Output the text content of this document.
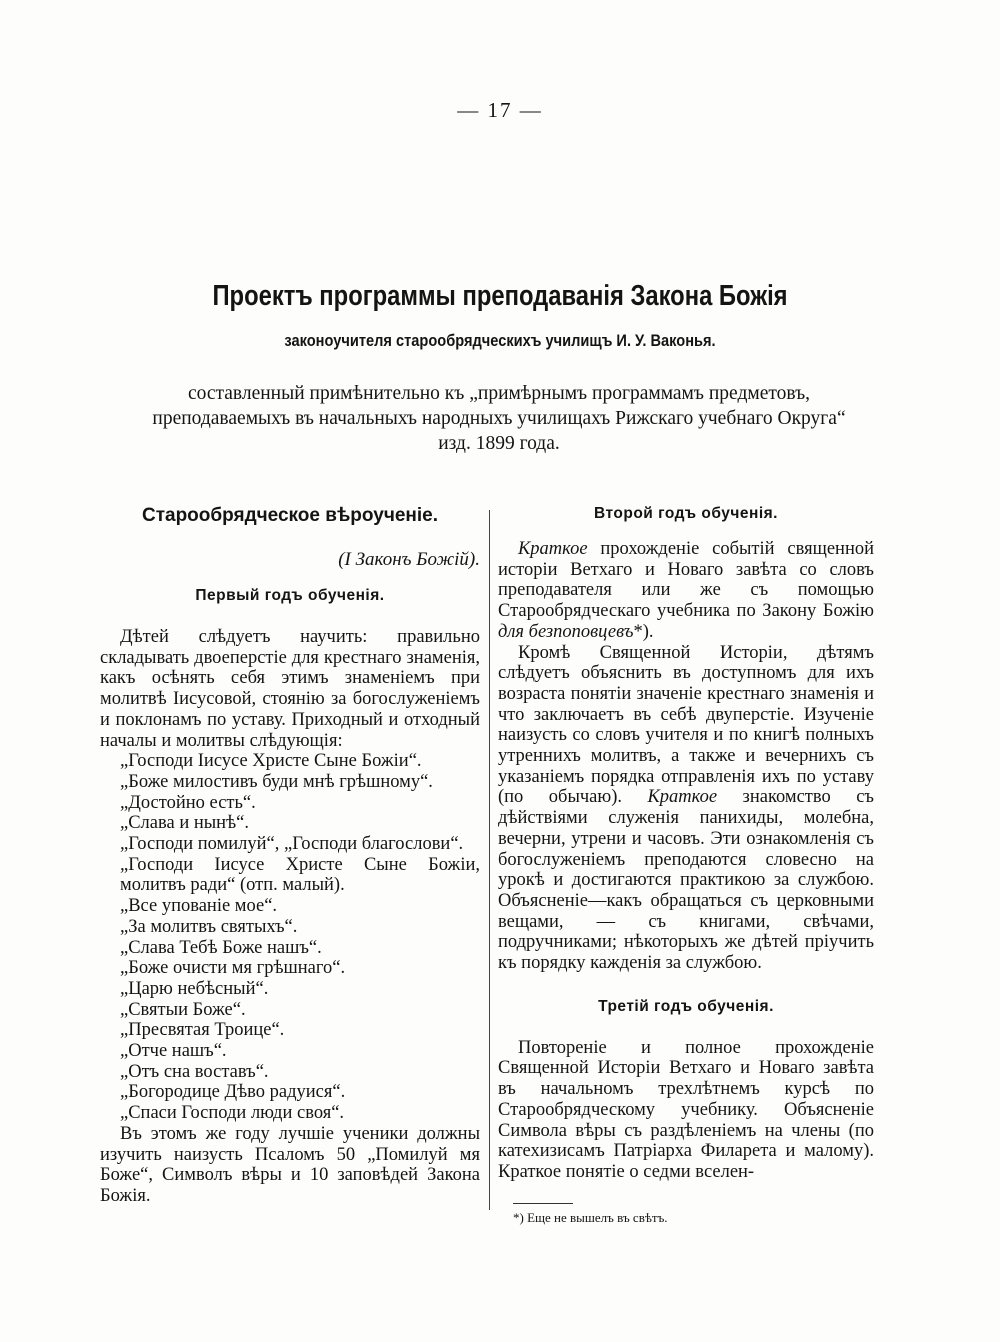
— 17 —
Проектъ программы преподаванія Закона Божія
законоучителя старообрядческихъ училищъ И. У. Ваконья.
составленный примѣнительно къ „примѣрнымъ программамъ предметовъ, преподаваемыхъ въ начальныхъ народныхъ училищахъ Рижскаго учебнаго Округа“ изд. 1899 года.
Старообрядческое вѣроученіе.
(I Законъ Божій).
Первый годъ обученія.

Дѣтей слѣдуетъ научить: правильно складывать двоеперстіе для крестнаго знаменія, какъ осѣнять себя этимъ знаменіемъ при молитвѣ Іисусовой, стоянію за богослуженіемъ и поклонамъ по уставу. Приходный и отходный началы и молитвы слѣдующія:

„Господи Іисусе Христе Сыне Божіи“.
„Боже милостивъ буди мнѣ грѣшному“.
„Достойно есть“.
„Слава и нынѣ“.
„Господи помилуй“, „Господи благослови“.
„Господи Іисусе Христе Сыне Божіи, молитвъ ради“ (отп. малый).
„Все упованіе мое“.
„За молитвъ святыхъ“.
„Слава Тебѣ Боже нашъ“.
„Боже очисти мя грѣшнаго“.
„Царю небѣсный“.
„Святыи Боже“.
„Пресвятая Троице“.
„Отче нашъ“.
„Отъ сна воставъ“.
„Богородице Дѣво радуися“.
„Спаси Господи люди своя“.

Въ этомъ же году лучшіе ученики должны изучить наизусть Псаломъ 50 „Помилуй мя Боже“, Символъ вѣры и 10 заповѣдей Закона Божія.

Второй годъ обученія.

Краткое прохожденіе событій священной исторіи Ветхаго и Новаго завѣта со словъ преподавателя или же съ помощью Старообрядческаго учебника по Закону Божію для безпоповцевъ*).

Кромѣ Священной Исторіи, дѣтямъ слѣдуетъ объяснить въ доступномъ для ихъ возраста понятіи значеніе крестнаго знаменія и что заключаетъ въ себѣ двуперстіе. Изученіе наизусть со словъ учителя и по книгѣ полныхъ утреннихъ молитвъ, а также и вечернихъ съ указаніемъ порядка отправленія ихъ по уставу (по обычаю). Краткое знакомство съ дѣйствіями служенія панихиды, молебна, вечерни, утрени и часовъ. Эти ознакомленія съ богослуженіемъ преподаются словесно на урокѣ и достигаются практикою за службою. Объясненіе—какъ обращаться съ церковными вещами, — съ книгами, свѣчами, подручниками; нѣкоторыхъ же дѣтей пріучить къ порядку кажденія за службою.

Третій годъ обученія.

Повтореніе и полное прохожденіе Священной Исторіи Ветхаго и Новаго завѣта въ начальномъ трехлѣтнемъ курсѣ по Старообрядческому учебнику. Объясненіе Символа вѣры съ раздѣленіемъ на члены (по катехизисамъ Патріарха Филарета и малому). Краткое понятіе о седми вселен-

*) Еще не вышелъ въ свѣтъ.
